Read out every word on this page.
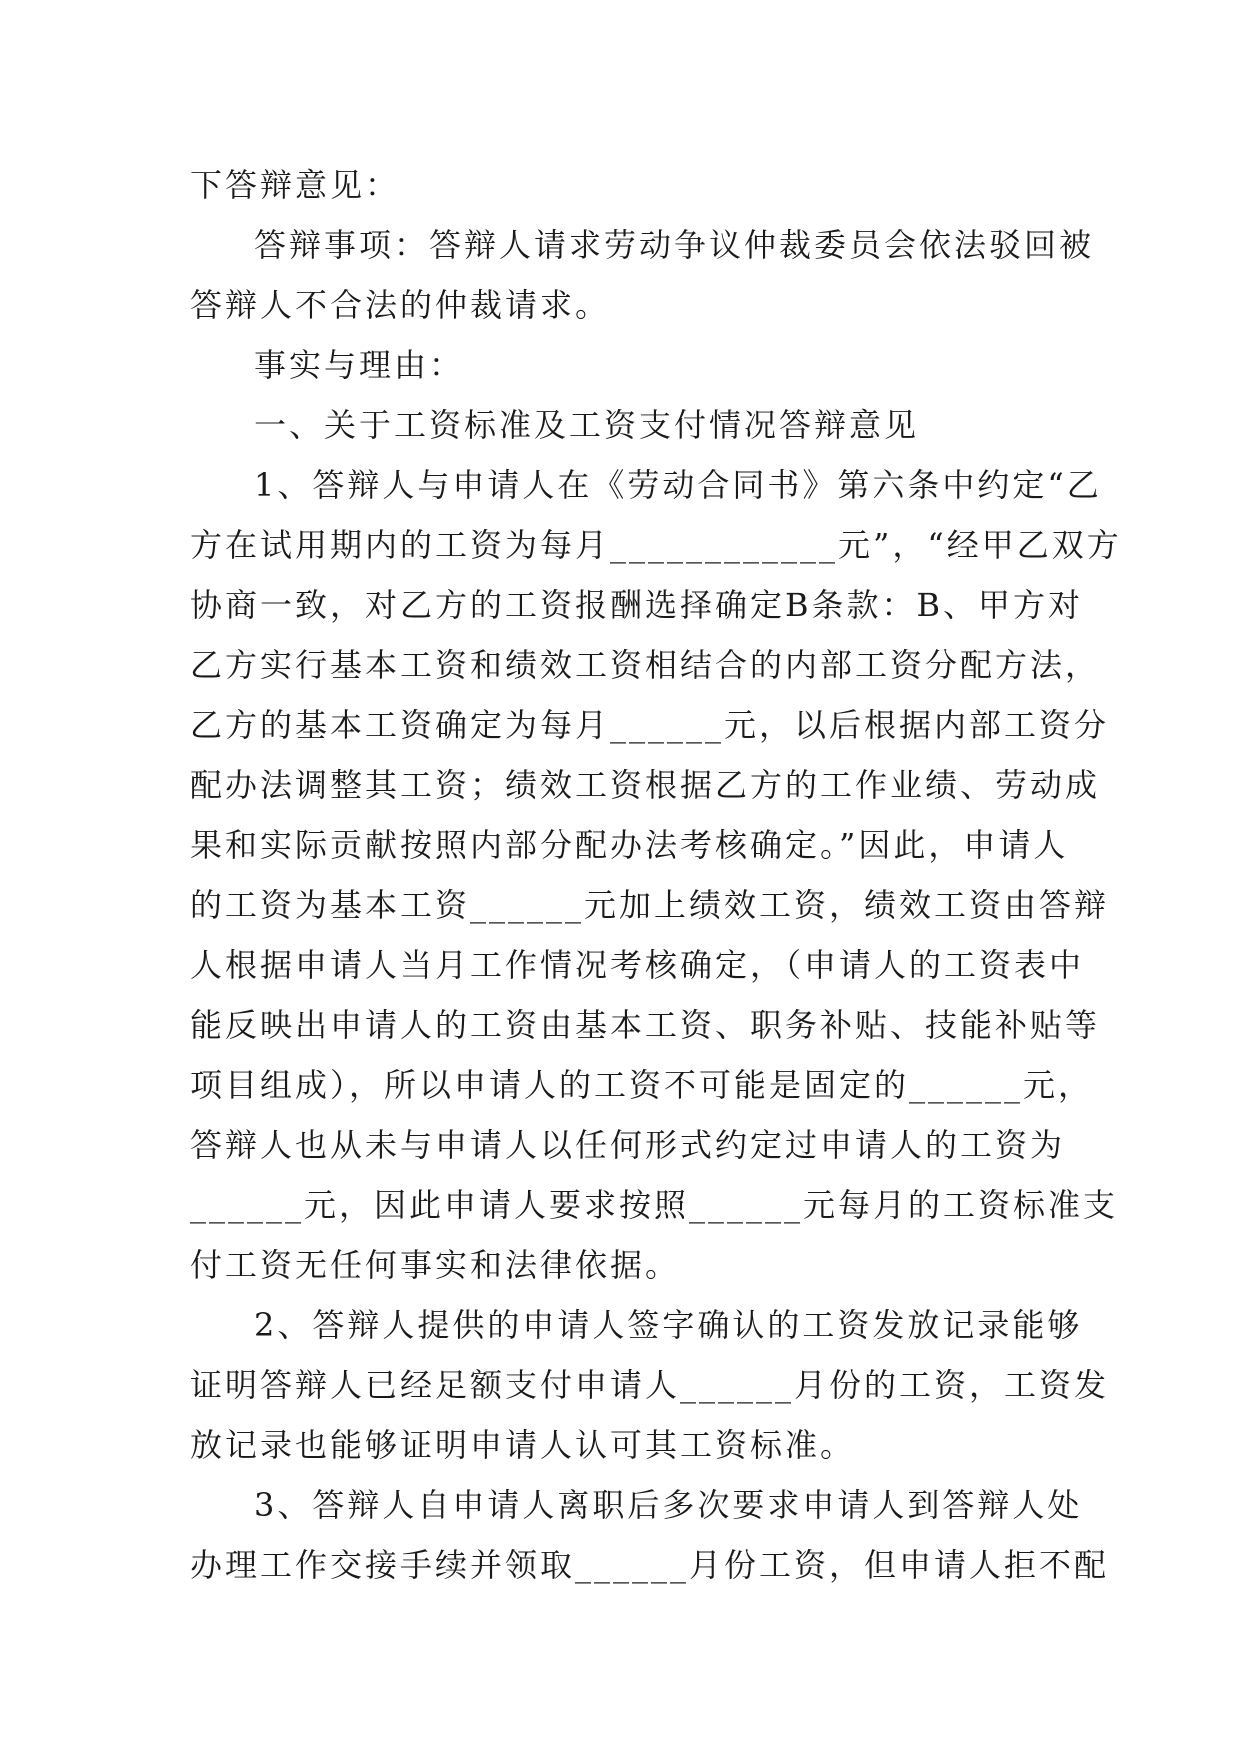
下答辩意见：
答辩事项：答辩人请求劳动争议仲裁委员会依法驳回被
答辩人不合法的仲裁请求。
事实与理由：
一、关于工资标准及工资支付情况答辩意见
1、答辩人与申请人在《劳动合同书》第六条中约定“乙
方在试用期内的工资为每月____________元”，“经甲乙双方
协商一致，对乙方的工资报酬选择确定B条款：B、甲方对
乙方实行基本工资和绩效工资相结合的内部工资分配方法，
乙方的基本工资确定为每月______元，以后根据内部工资分
配办法调整其工资；绩效工资根据乙方的工作业绩、劳动成
果和实际贡献按照内部分配办法考核确定。”因此，申请人
的工资为基本工资______元加上绩效工资，绩效工资由答辩
人根据申请人当月工作情况考核确定，（申请人的工资表中
能反映出申请人的工资由基本工资、职务补贴、技能补贴等
项目组成），所以申请人的工资不可能是固定的______元，
答辩人也从未与申请人以任何形式约定过申请人的工资为
______元，因此申请人要求按照______元每月的工资标准支
付工资无任何事实和法律依据。
2、答辩人提供的申请人签字确认的工资发放记录能够
证明答辩人已经足额支付申请人______月份的工资，工资发
放记录也能够证明申请人认可其工资标准。
3、答辩人自申请人离职后多次要求申请人到答辩人处
办理工作交接手续并领取______月份工资，但申请人拒不配
